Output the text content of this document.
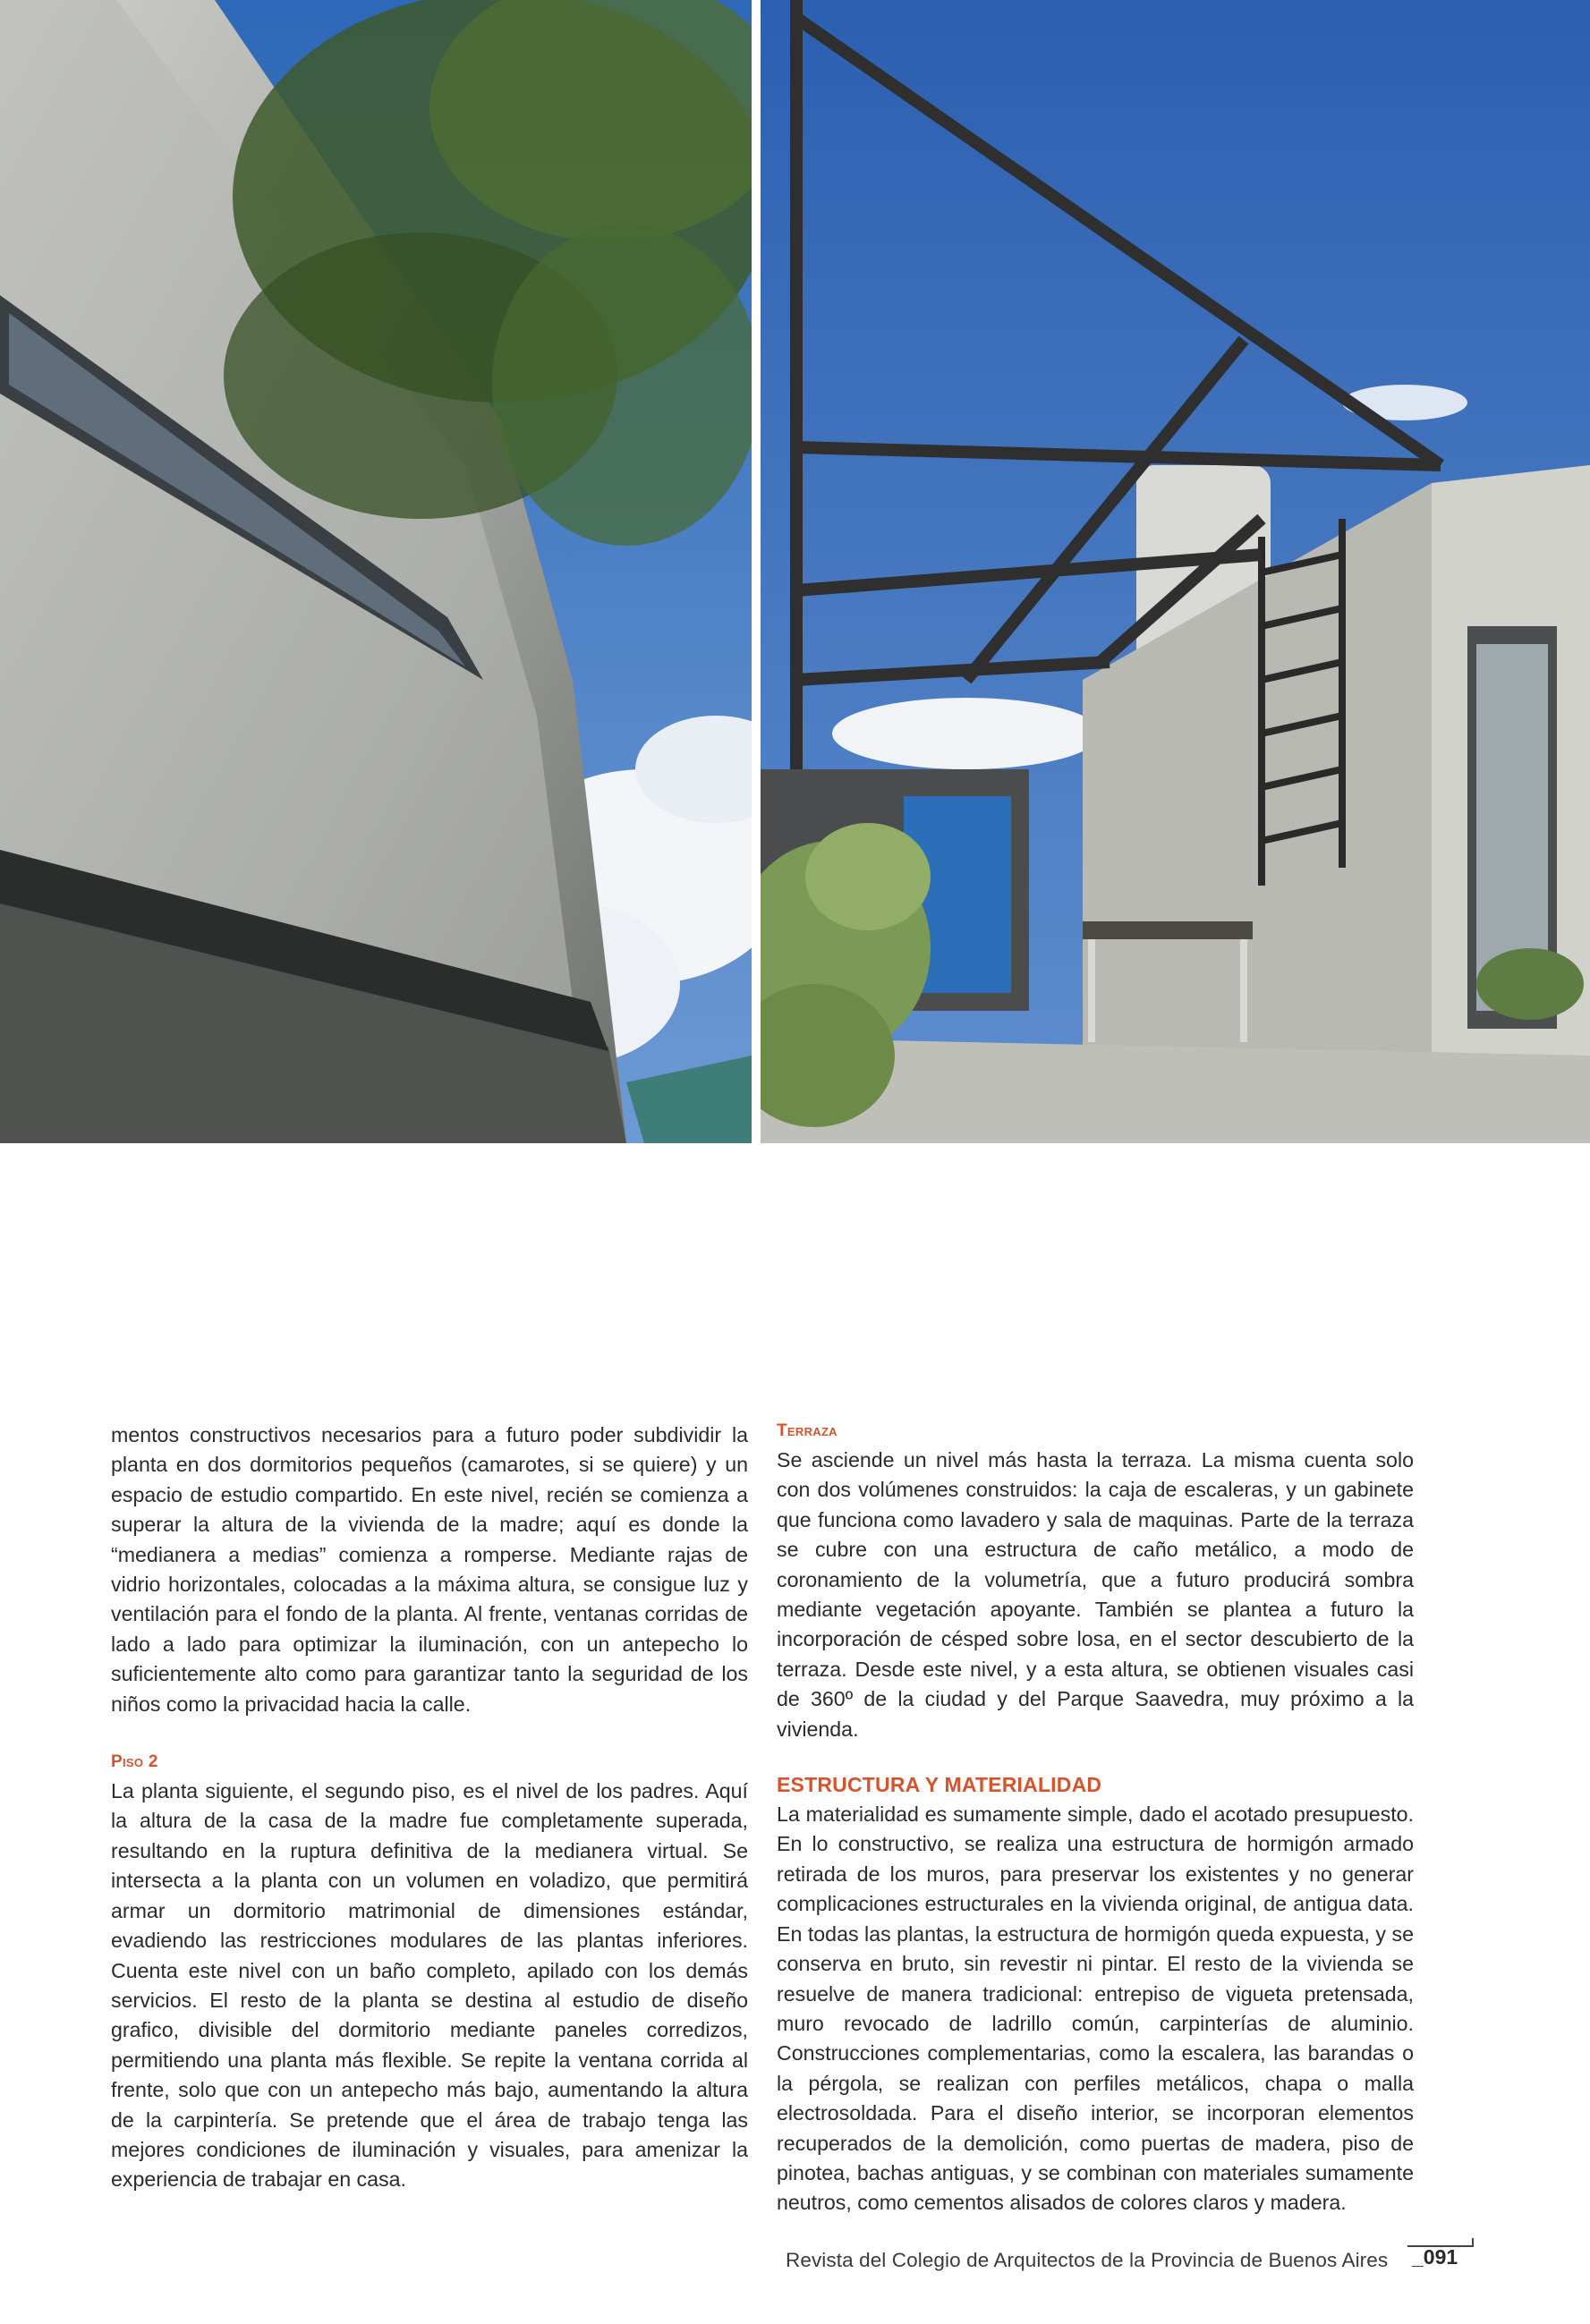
mentos constructivos necesarios para a futuro poder subdividir la planta en dos dormitorios pequeños (camarotes, si se quiere) y un espacio de estudio compartido. En este nivel, recién se comienza a superar la altura de la vivienda de la madre; aquí es donde la “medianera a medias” comienza a romperse. Mediante rajas de vidrio horizontales, colocadas a la máxima altura, se consigue luz y ventilación para el fondo de la planta. Al frente, ventanas corridas de lado a lado para optimizar la iluminación, con un antepecho lo suficientemente alto como para garantizar tanto la seguridad de los niños como la privacidad hacia la calle.

Piso 2

La planta siguiente, el segundo piso, es el nivel de los padres. Aquí la altura de la casa de la madre fue completamente superada, resultando en la ruptura definitiva de la medianera virtual. Se intersecta a la planta con un volumen en voladizo, que permitirá armar un dormitorio matrimonial de dimensiones estándar, evadiendo las restricciones modulares de las plantas inferiores. Cuenta este nivel con un baño completo, apilado con los demás servicios. El resto de la planta se destina al estudio de diseño grafico, divisible del dormitorio mediante paneles corredizos, permitiendo una planta más flexible. Se repite la ventana corrida al frente, solo que con un antepecho más bajo, aumentando la altura de la carpintería. Se pretende que el área de trabajo tenga las mejores condiciones de iluminación y visuales, para amenizar la experiencia de trabajar en casa.

Terraza

Se asciende un nivel más hasta la terraza. La misma cuenta solo con dos volúmenes construidos: la caja de escaleras, y un gabinete que funciona como lavadero y sala de maquinas. Parte de la terraza se cubre con una estructura de caño metálico, a modo de coronamiento de la volumetría, que a futuro producirá sombra mediante vegetación apoyante. También se plantea a futuro la incorporación de césped sobre losa, en el sector descubierto de la terraza. Desde este nivel, y a esta altura, se obtienen visuales casi de 360º de la ciudad y del Parque Saavedra, muy próximo a la vivienda.

ESTRUCTURA Y MATERIALIDAD

La materialidad es sumamente simple, dado el acotado presupuesto. En lo constructivo, se realiza una estructura de hormigón armado retirada de los muros, para preservar los existentes y no generar complicaciones estructurales en la vivienda original, de antigua data. En todas las plantas, la estructura de hormigón queda expuesta, y se conserva en bruto, sin revestir ni pintar. El resto de la vivienda se resuelve de manera tradicional: entrepiso de vigueta pretensada, muro revocado de ladrillo común, carpinterías de aluminio. Construcciones complementarias, como la escalera, las barandas o la pérgola, se realizan con perfiles metálicos, chapa o malla electrosoldada. Para el diseño interior, se incorporan elementos recuperados de la demolición, como puertas de madera, piso de pinotea, bachas antiguas, y se combinan con materiales sumamente neutros, como cementos alisados de colores claros y madera.

Revista del Colegio de Arquitectos de la Provincia de Buenos Aires	_091
